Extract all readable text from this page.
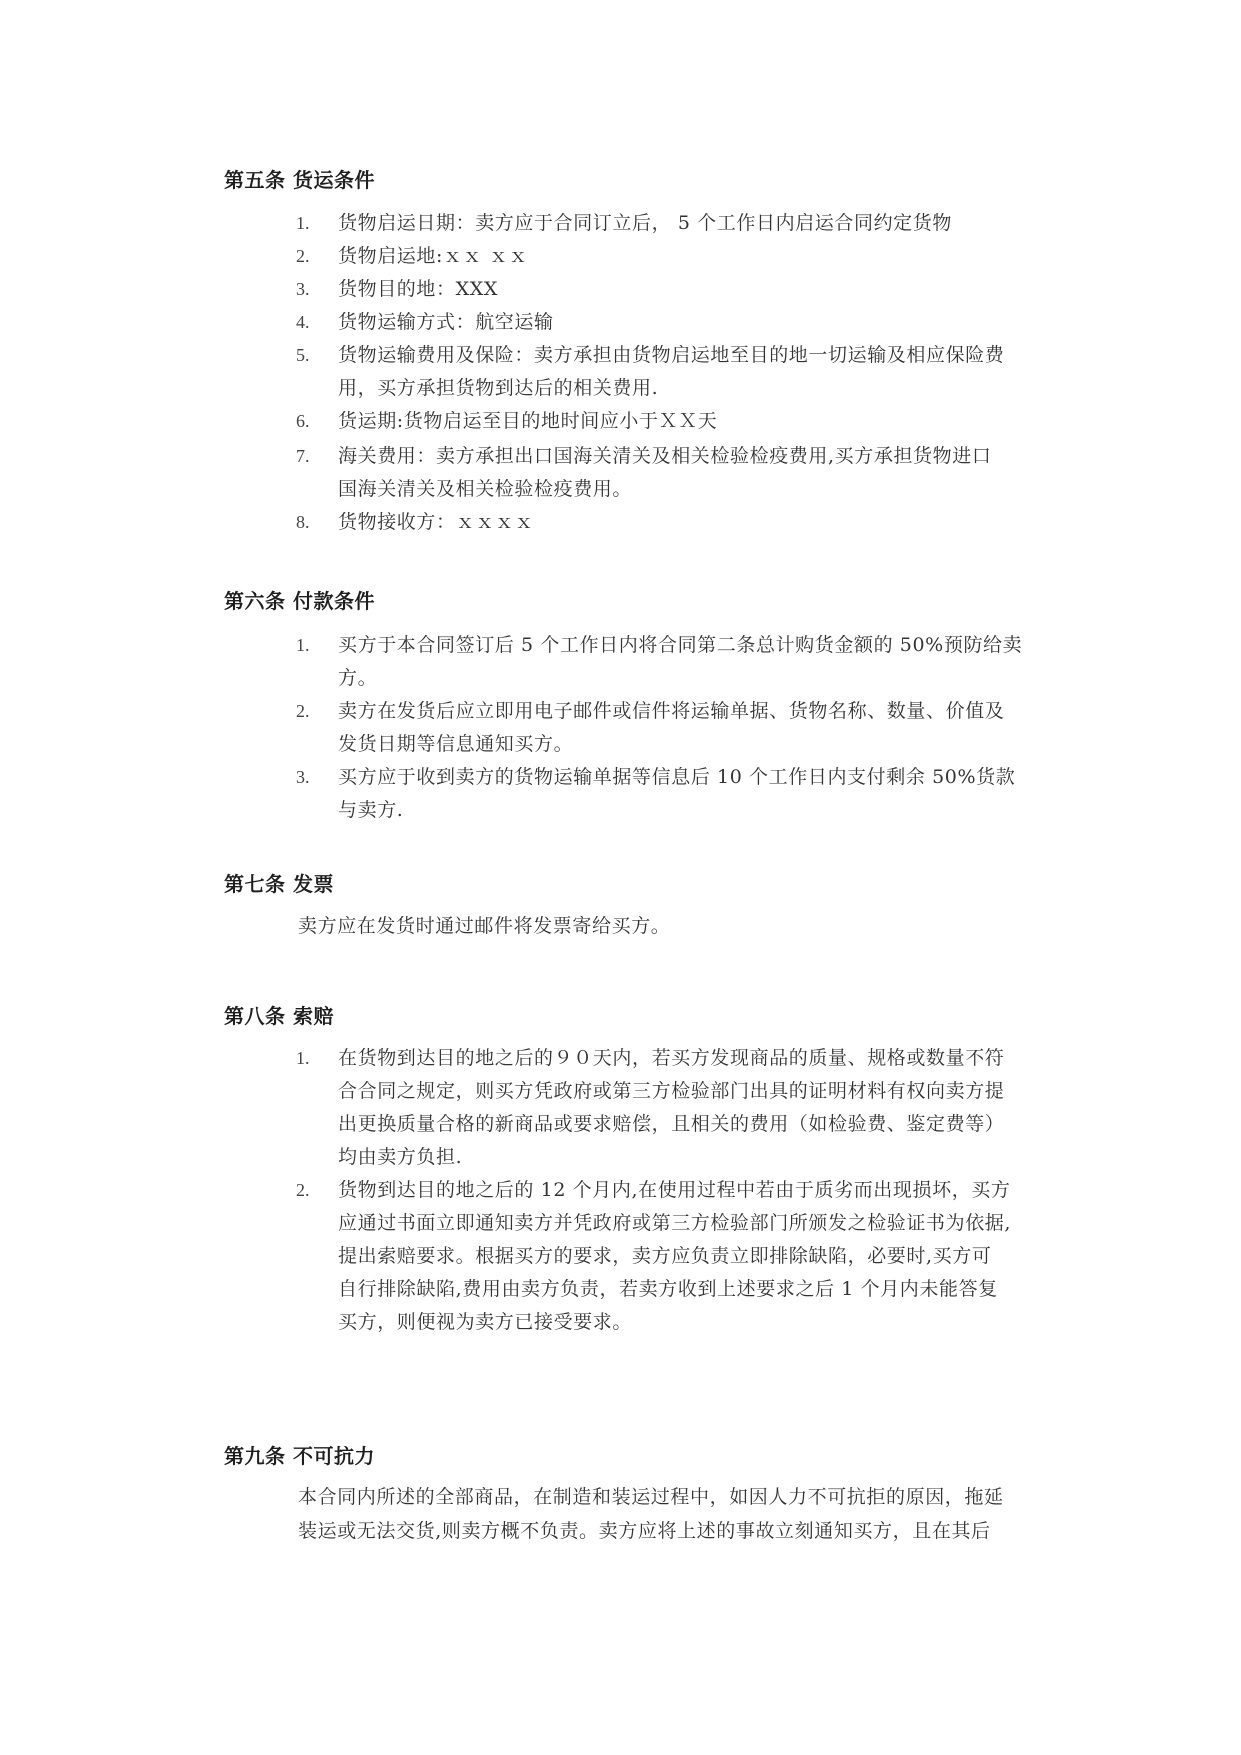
第五条 货运条件
1.	货物启运日期：卖方应于合同订立后， 5 个工作日内启运合同约定货物
2.	货物启运地:ｘｘ ｘｘ
3.	货物目的地：XXX
4.	货物运输方式：航空运输
5.	货物运输费用及保险：卖方承担由货物启运地至目的地一切运输及相应保险费
用，买方承担货物到达后的相关费用.
6.	货运期:货物启运至目的地时间应小于ＸＸ天
7.	海关费用：卖方承担出口国海关清关及相关检验检疫费用,买方承担货物进口
国海关清关及相关检验检疫费用。
8.	货物接收方：ｘｘｘｘ
第六条 付款条件
1.	买方于本合同签订后 5 个工作日内将合同第二条总计购货金额的 50%预防给卖
方。
2.	卖方在发货后应立即用电子邮件或信件将运输单据、货物名称、数量、价值及
发货日期等信息通知买方。
3.	买方应于收到卖方的货物运输单据等信息后 10 个工作日内支付剩余 50%货款
与卖方.
第七条 发票
卖方应在发货时通过邮件将发票寄给买方。
第八条 索赔
1.	在货物到达目的地之后的９０天内，若买方发现商品的质量、规格或数量不符
合合同之规定，则买方凭政府或第三方检验部门出具的证明材料有权向卖方提
出更换质量合格的新商品或要求赔偿，且相关的费用（如检验费、鉴定费等）
均由卖方负担.
2.	货物到达目的地之后的 12 个月内,在使用过程中若由于质劣而出现损坏，买方
应通过书面立即通知卖方并凭政府或第三方检验部门所颁发之检验证书为依据,
提出索赔要求。根据买方的要求，卖方应负责立即排除缺陷，必要时,买方可
自行排除缺陷,费用由卖方负责，若卖方收到上述要求之后 1 个月内未能答复
买方，则便视为卖方已接受要求。
第九条 不可抗力
本合同内所述的全部商品，在制造和装运过程中，如因人力不可抗拒的原因，拖延
装运或无法交货,则卖方概不负责。卖方应将上述的事故立刻通知买方，且在其后
